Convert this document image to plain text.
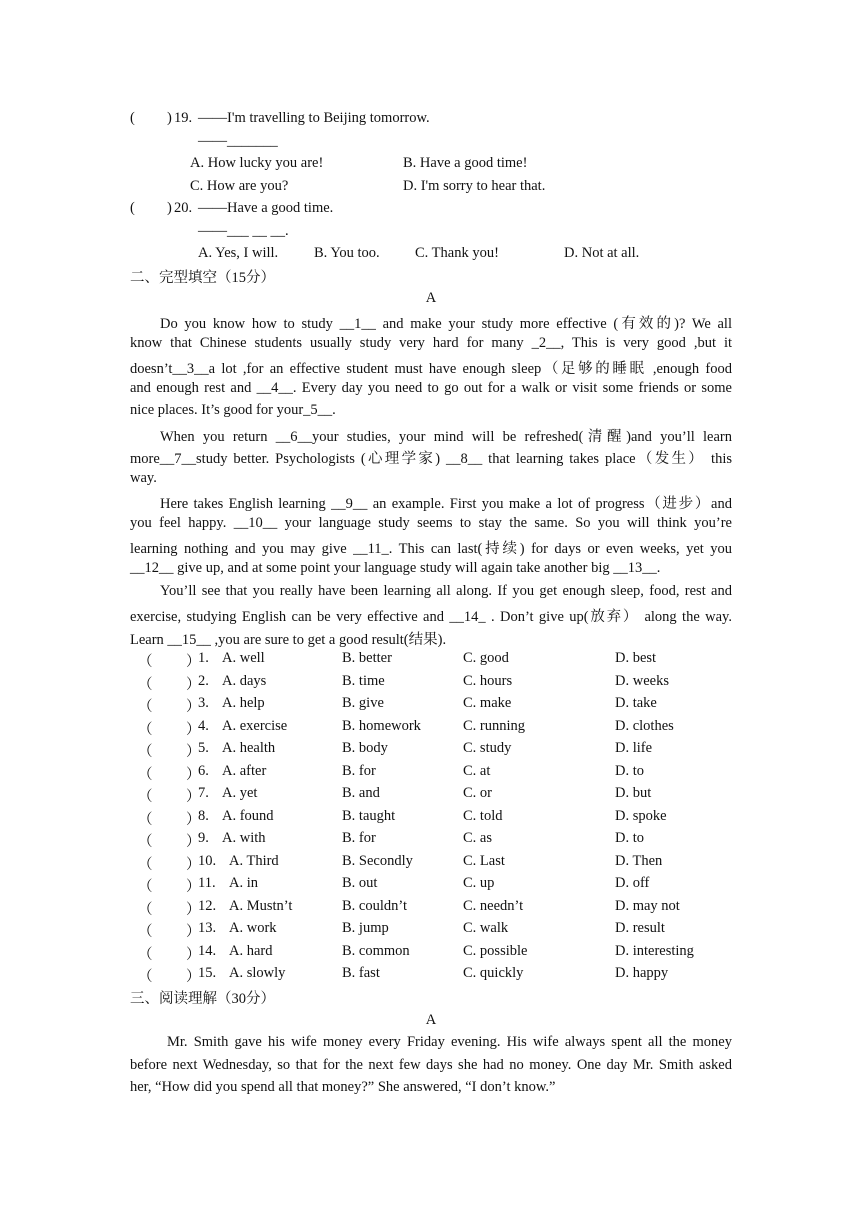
( ) 19. ——I'm travelling to Beijing tomorrow.
——_______
A. How lucky you are!	B. Have a good time!
C. How are you?	D. I'm sorry to hear that.
( ) 20. ——Have a good time.
——___ __ __.
A. Yes, I will. B. You too. C. Thank you!	D. Not at all.
二、完型填空（15分）
A
Do you know how to study __1__ and make your study more effective (有效的)? We all
know that Chinese students usually study very hard for many _2__, This is very good ,but it
doesn’t__3__a lot ,for an effective student must have enough sleep（足够的睡眠 ,enough food
and enough rest and __4__. Every day you need to go out for a walk or visit some friends or some
nice places. It’s good for your_5__.
When you return __6__your studies, your mind will be refreshed(清醒)and you’ll learn
more__7__study better. Psychologists (心理学家) __8__ that learning takes place（发生） this
way.
Here takes English learning __9__ an example. First you make a lot of progress（进步）and
you feel happy. __10__ your language study seems to stay the same. So you will think you’re
learning nothing and you may give __11_. This can last(持续) for days or even weeks, yet you
__12__ give up, and at some point your language study will again take another big __13__.
You’ll see that you really have been learning all along. If you get enough sleep, food, rest and
exercise, studying English can be very effective and __14_ . Don’t give up(放弃） along the way.
Learn __15__ ,you are sure to get a good result(结果).
（ ）
1. A. well	B. better	C. good	D. best
（ ）
2. A. days	B. time	C. hours	D. weeks
（ ）
3. A. help	B. give	C. make	D. take
（ ）
4. A. exercise	B. homework	C. running	D. clothes
（ ）
5. A. health	B. body	C. study	D. life
（ ）
6. A. after	B. for	C. at	D. to
（ ）
7. A. yet	B. and	C. or	D. but
（ ）
8. A. found	B. taught	C. told	D. spoke
（ ）
9. A. with	B. for	C. as	D. to
（ ）
10. A. Third	B. Secondly	C. Last	D. Then
（ ）
11. A. in	B. out	C. up	D. off
（ ）
12. A. Mustn’t	B. couldn’t	C. needn’t	D. may not
（ ）
13. A. work	B. jump	C. walk	D. result
（ ）
14. A. hard	B. common	C. possible	D. interesting
（ ）
15. A. slowly	B. fast	C. quickly	D. happy
三、阅读理解（30分）
A
Mr. Smith gave his wife money every Friday evening. His wife always spent all the money
before next Wednesday, so that for the next few days she had no money. One day Mr. Smith asked
her, “How did you spend all that money?” She answered, “I don’t know.”
